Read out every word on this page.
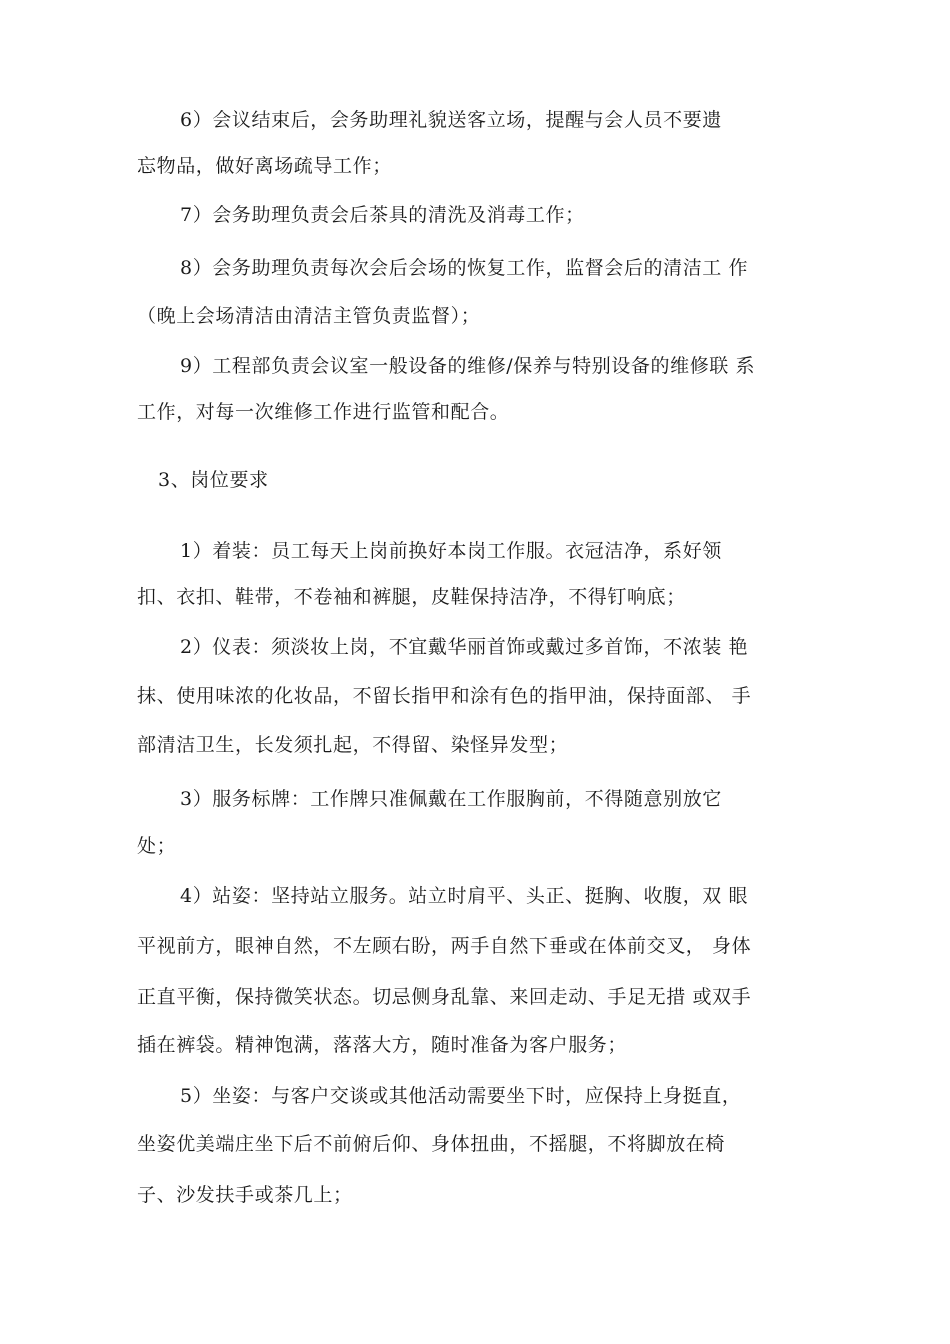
6）会议结束后，会务助理礼貌送客立场，提醒与会人员不要遗
忘物品，做好离场疏导工作；
7）会务助理负责会后茶具的清洗及消毒工作；
8）会务助理负责每次会后会场的恢复工作，监督会后的清洁工 作
（晚上会场清洁由清洁主管负责监督）；
9）工程部负责会议室一般设备的维修/保养与特别设备的维修联 系
工作，对每一次维修工作进行监管和配合。
3、岗位要求
1）着装：员工每天上岗前换好本岗工作服。衣冠洁净，系好领
扣、衣扣、鞋带，不卷袖和裤腿，皮鞋保持洁净，不得钉响底；
2）仪表：须淡妆上岗，不宜戴华丽首饰或戴过多首饰，不浓装 艳
抹、使用味浓的化妆品，不留长指甲和涂有色的指甲油，保持面部、 手
部清洁卫生，长发须扎起，不得留、染怪异发型；
3）服务标牌：工作牌只准佩戴在工作服胸前，不得随意别放它
处；
4）站姿：坚持站立服务。站立时肩平、头正、挺胸、收腹，双 眼
平视前方，眼神自然，不左顾右盼，两手自然下垂或在体前交叉， 身体
正直平衡，保持微笑状态。切忌侧身乱靠、来回走动、手足无措 或双手
插在裤袋。精神饱满，落落大方，随时准备为客户服务；
5）坐姿：与客户交谈或其他活动需要坐下时，应保持上身挺直，
坐姿优美端庄坐下后不前俯后仰、身体扭曲，不摇腿，不将脚放在椅
子、沙发扶手或茶几上；
